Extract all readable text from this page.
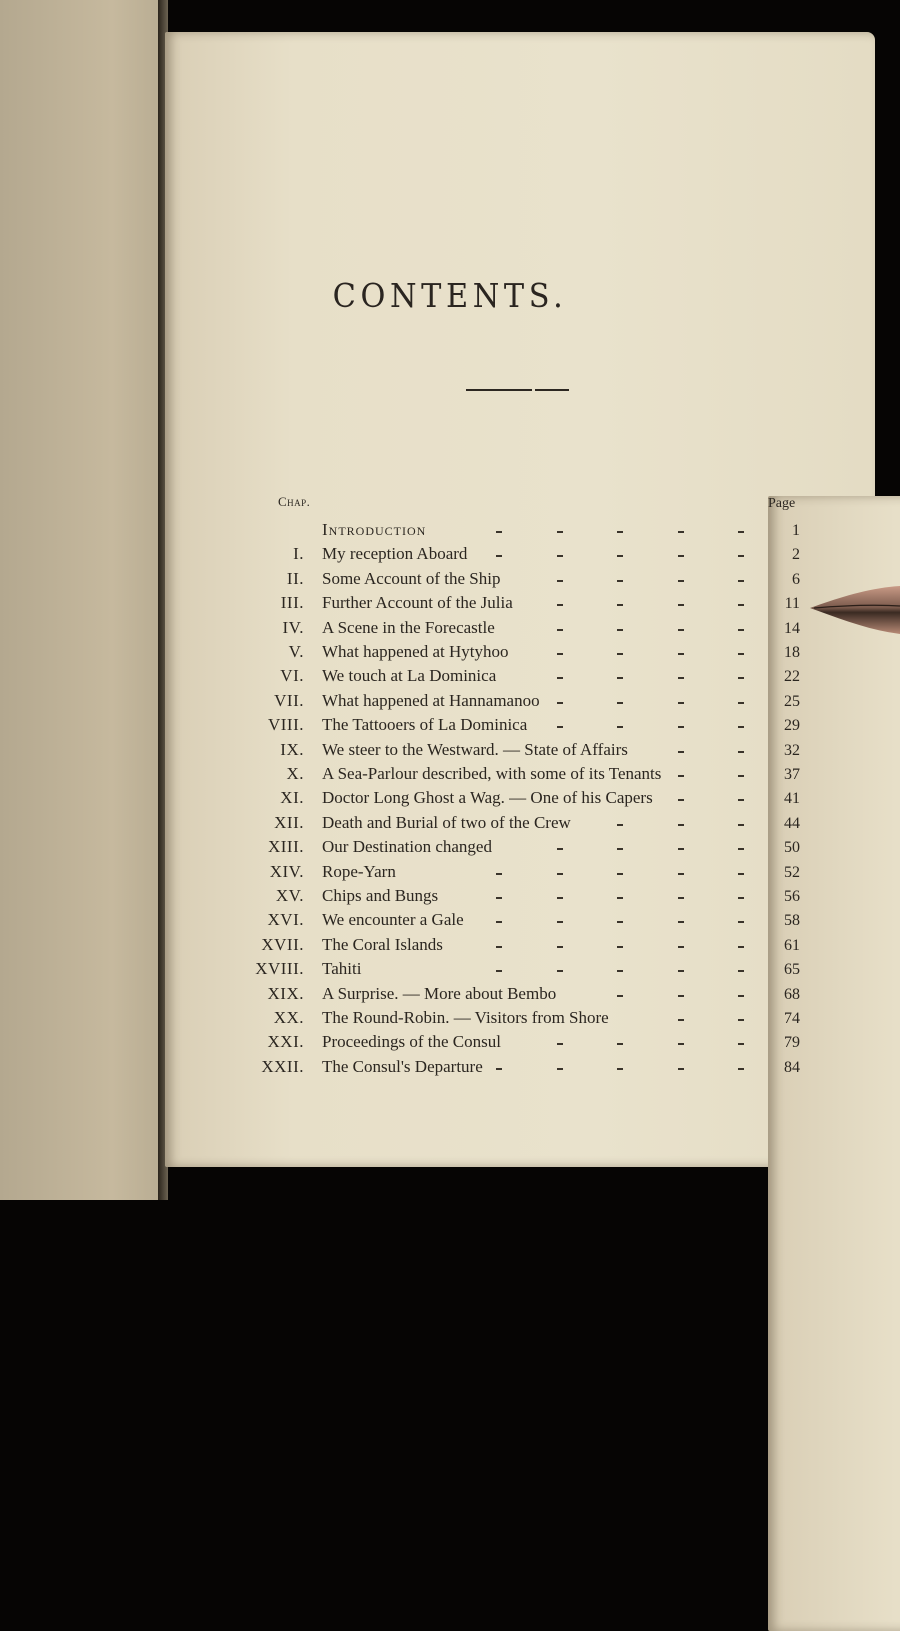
CONTENTS.
Chap.	Page
Introduction	1
I. My reception Aboard	2
II. Some Account of the Ship	6
III. Further Account of the Julia	11
IV. A Scene in the Forecastle	14
V. What happened at Hytyhoo	18
VI. We touch at La Dominica	22
VII. What happened at Hannamanoo	25
VIII. The Tattooers of La Dominica	29
IX. We steer to the Westward. — State of Affairs	32
X. A Sea-Parlour described, with some of its Tenants	37
XI. Doctor Long Ghost a Wag. — One of his Capers	41
XII. Death and Burial of two of the Crew	44
XIII. Our Destination changed	50
XIV. Rope-Yarn	52
XV. Chips and Bungs	56
XVI. We encounter a Gale	58
XVII. The Coral Islands	61
XVIII. Tahiti	65
XIX. A Surprise. — More about Bembo	68
XX. The Round-Robin. — Visitors from Shore	74
XXI. Proceedings of the Consul	79
XXII. The Consul's Departure	84
